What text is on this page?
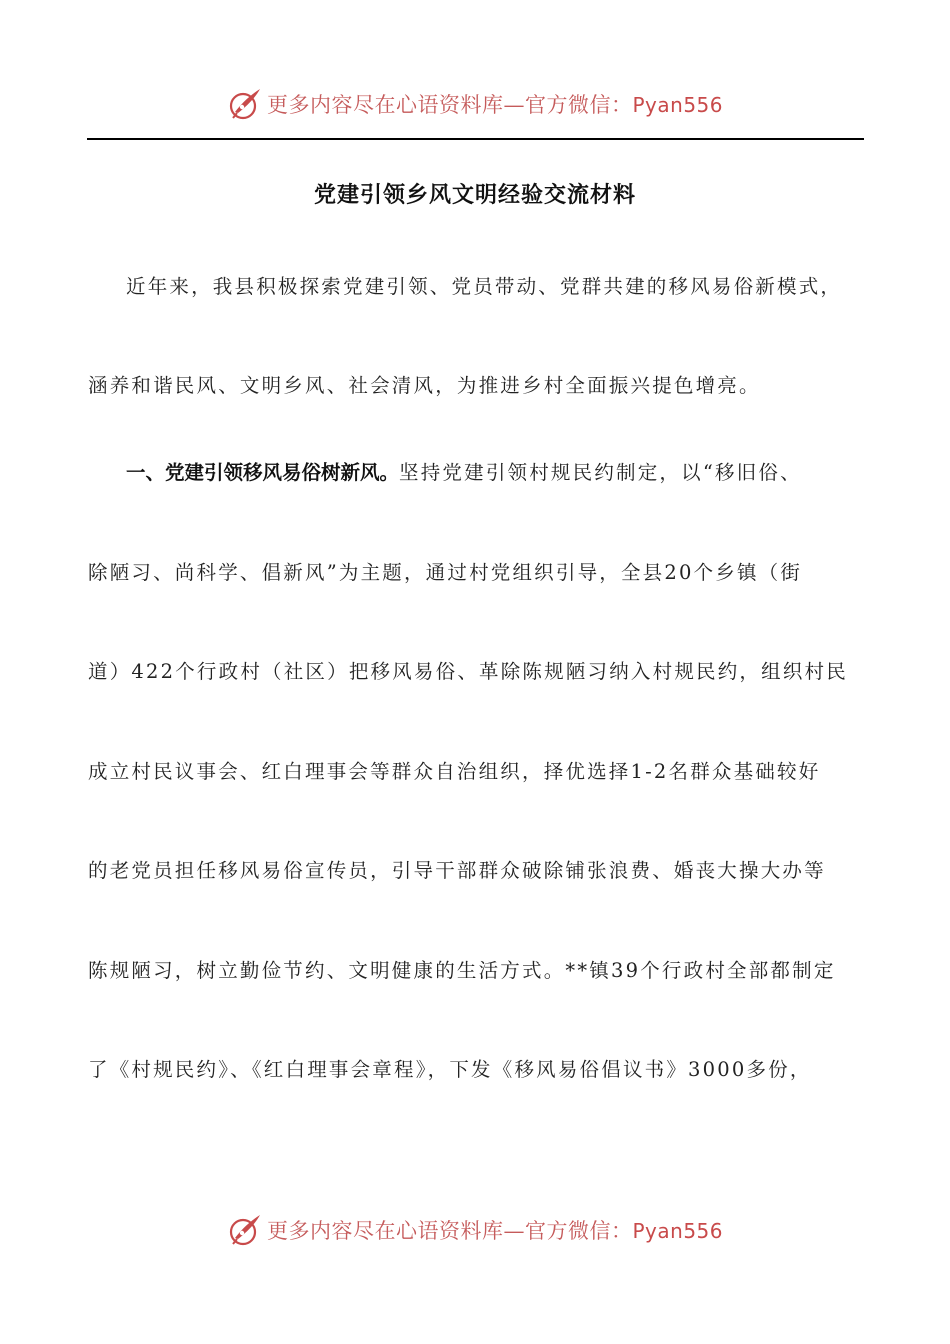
更多内容尽在心语资料库—官方微信：Pyan556
党建引领乡风文明经验交流材料
近年来，我县积极探索党建引领、党员带动、党群共建的移风易俗新模式，
涵养和谐民风、文明乡风、社会清风，为推进乡村全面振兴提色增亮。
一、党建引领移风易俗树新风。坚持党建引领村规民约制定，以“移旧俗、
除陋习、尚科学、倡新风”为主题，通过村党组织引导，全县20个乡镇（街
道）422个行政村（社区）把移风易俗、革除陈规陋习纳入村规民约，组织村民
成立村民议事会、红白理事会等群众自治组织，择优选择1-2名群众基础较好
的老党员担任移风易俗宣传员，引导干部群众破除铺张浪费、婚丧大操大办等
陈规陋习，树立勤俭节约、文明健康的生活方式。**镇39个行政村全部都制定
了《村规民约》、《红白理事会章程》，下发《移风易俗倡议书》3000多份，
更多内容尽在心语资料库—官方微信：Pyan556
